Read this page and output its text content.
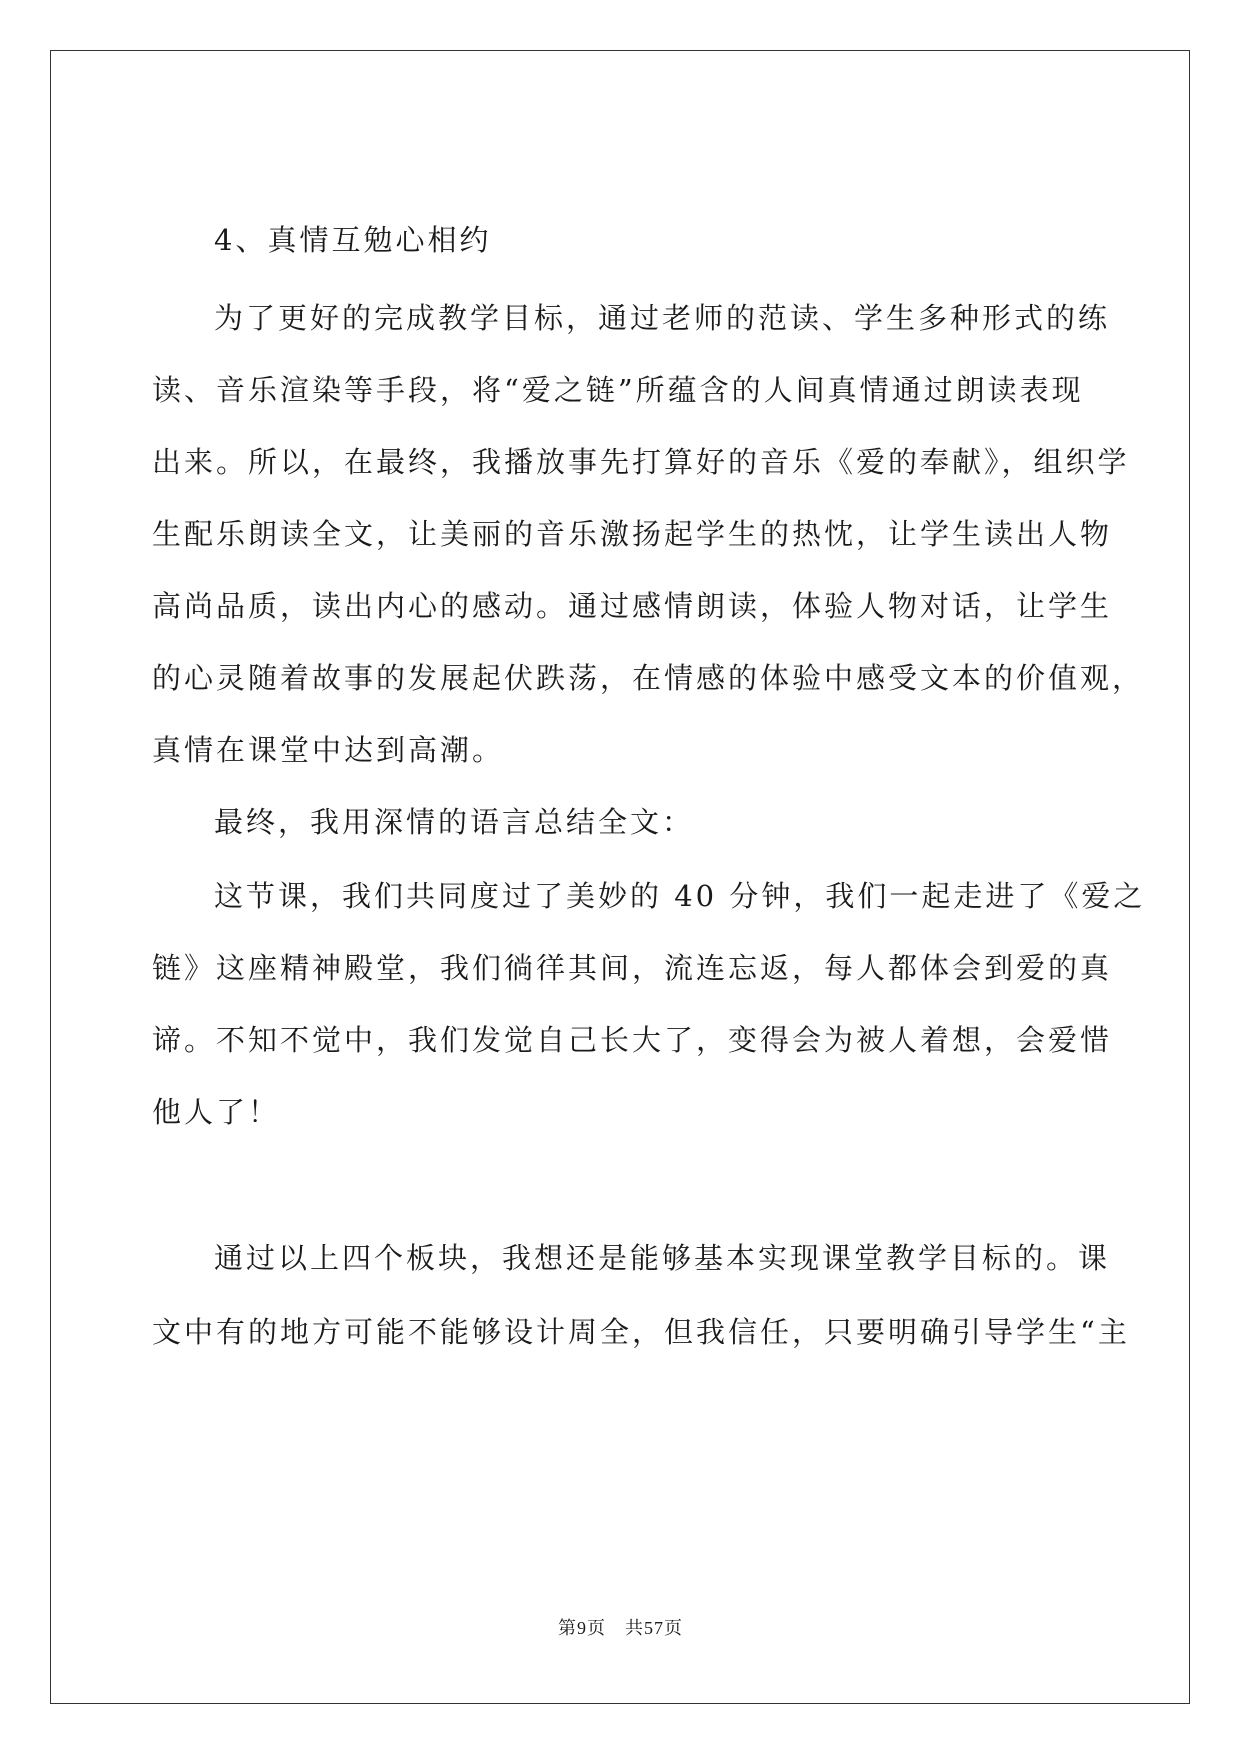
4、真情互勉心相约
为了更好的完成教学目标，通过老师的范读、学生多种形式的练
读、音乐渲染等手段，将“爱之链”所蕴含的人间真情通过朗读表现
出来。所以，在最终，我播放事先打算好的音乐《爱的奉献》，组织学
生配乐朗读全文，让美丽的音乐激扬起学生的热忱，让学生读出人物
高尚品质，读出内心的感动。通过感情朗读，体验人物对话，让学生
的心灵随着故事的发展起伏跌荡，在情感的体验中感受文本的价值观，
真情在课堂中达到高潮。
最终，我用深情的语言总结全文：
这节课，我们共同度过了美妙的 40 分钟，我们一起走进了《爱之
链》这座精神殿堂，我们徜徉其间，流连忘返，每人都体会到爱的真
谛。不知不觉中，我们发觉自己长大了，变得会为被人着想，会爱惜
他人了！
通过以上四个板块，我想还是能够基本实现课堂教学目标的。课
文中有的地方可能不能够设计周全，但我信任，只要明确引导学生“主
第9页　共57页
